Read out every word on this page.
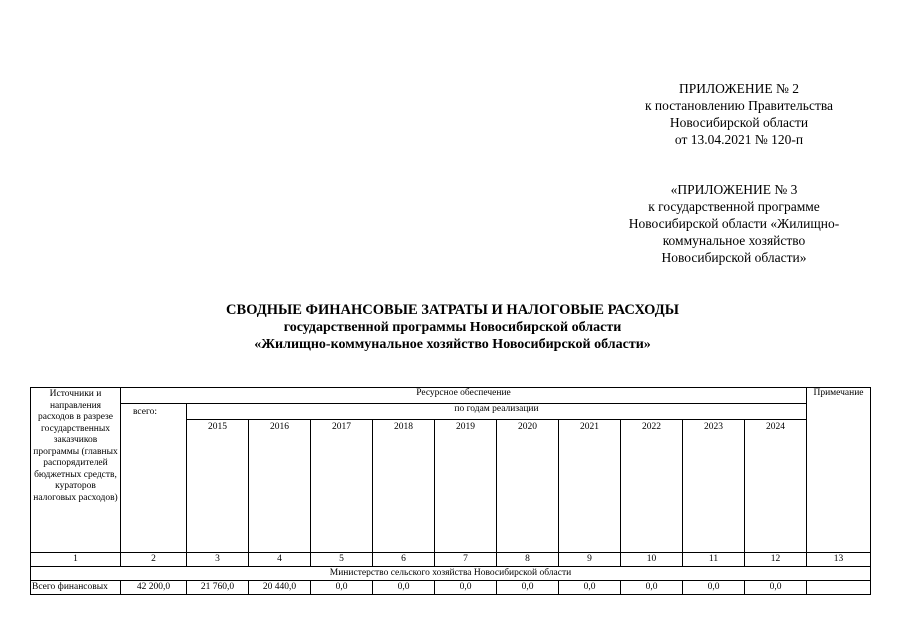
ПРИЛОЖЕНИЕ № 2
к постановлению Правительства
Новосибирской области
от 13.04.2021 № 120-п
«ПРИЛОЖЕНИЕ № 3
к государственной программе
Новосибирской области «Жилищно-
коммунальное хозяйство
Новосибирской области»
СВОДНЫЕ ФИНАНСОВЫЕ ЗАТРАТЫ И НАЛОГОВЫЕ РАСХОДЫ
государственной программы Новосибирской области
«Жилищно-коммунальное хозяйство Новосибирской области»
Источники и направления расходов в разрезе государственных заказчиков программы (главных распорядителей бюджетных средств, кураторов налоговых расходов)	Ресурсное обеспечение											Примечание
	всего:	по годам реализации										
		2015	2016	2017	2018	2019	2020	2021	2022	2023	2024	
1	2	3	4	5	6	7	8	9	10	11	12	13
Министерство сельского хозяйства Новосибирской области												
Всего финансовых	42 200,0	21 760,0	20 440,0	0,0	0,0	0,0	0,0	0,0	0,0	0,0	0,0	
